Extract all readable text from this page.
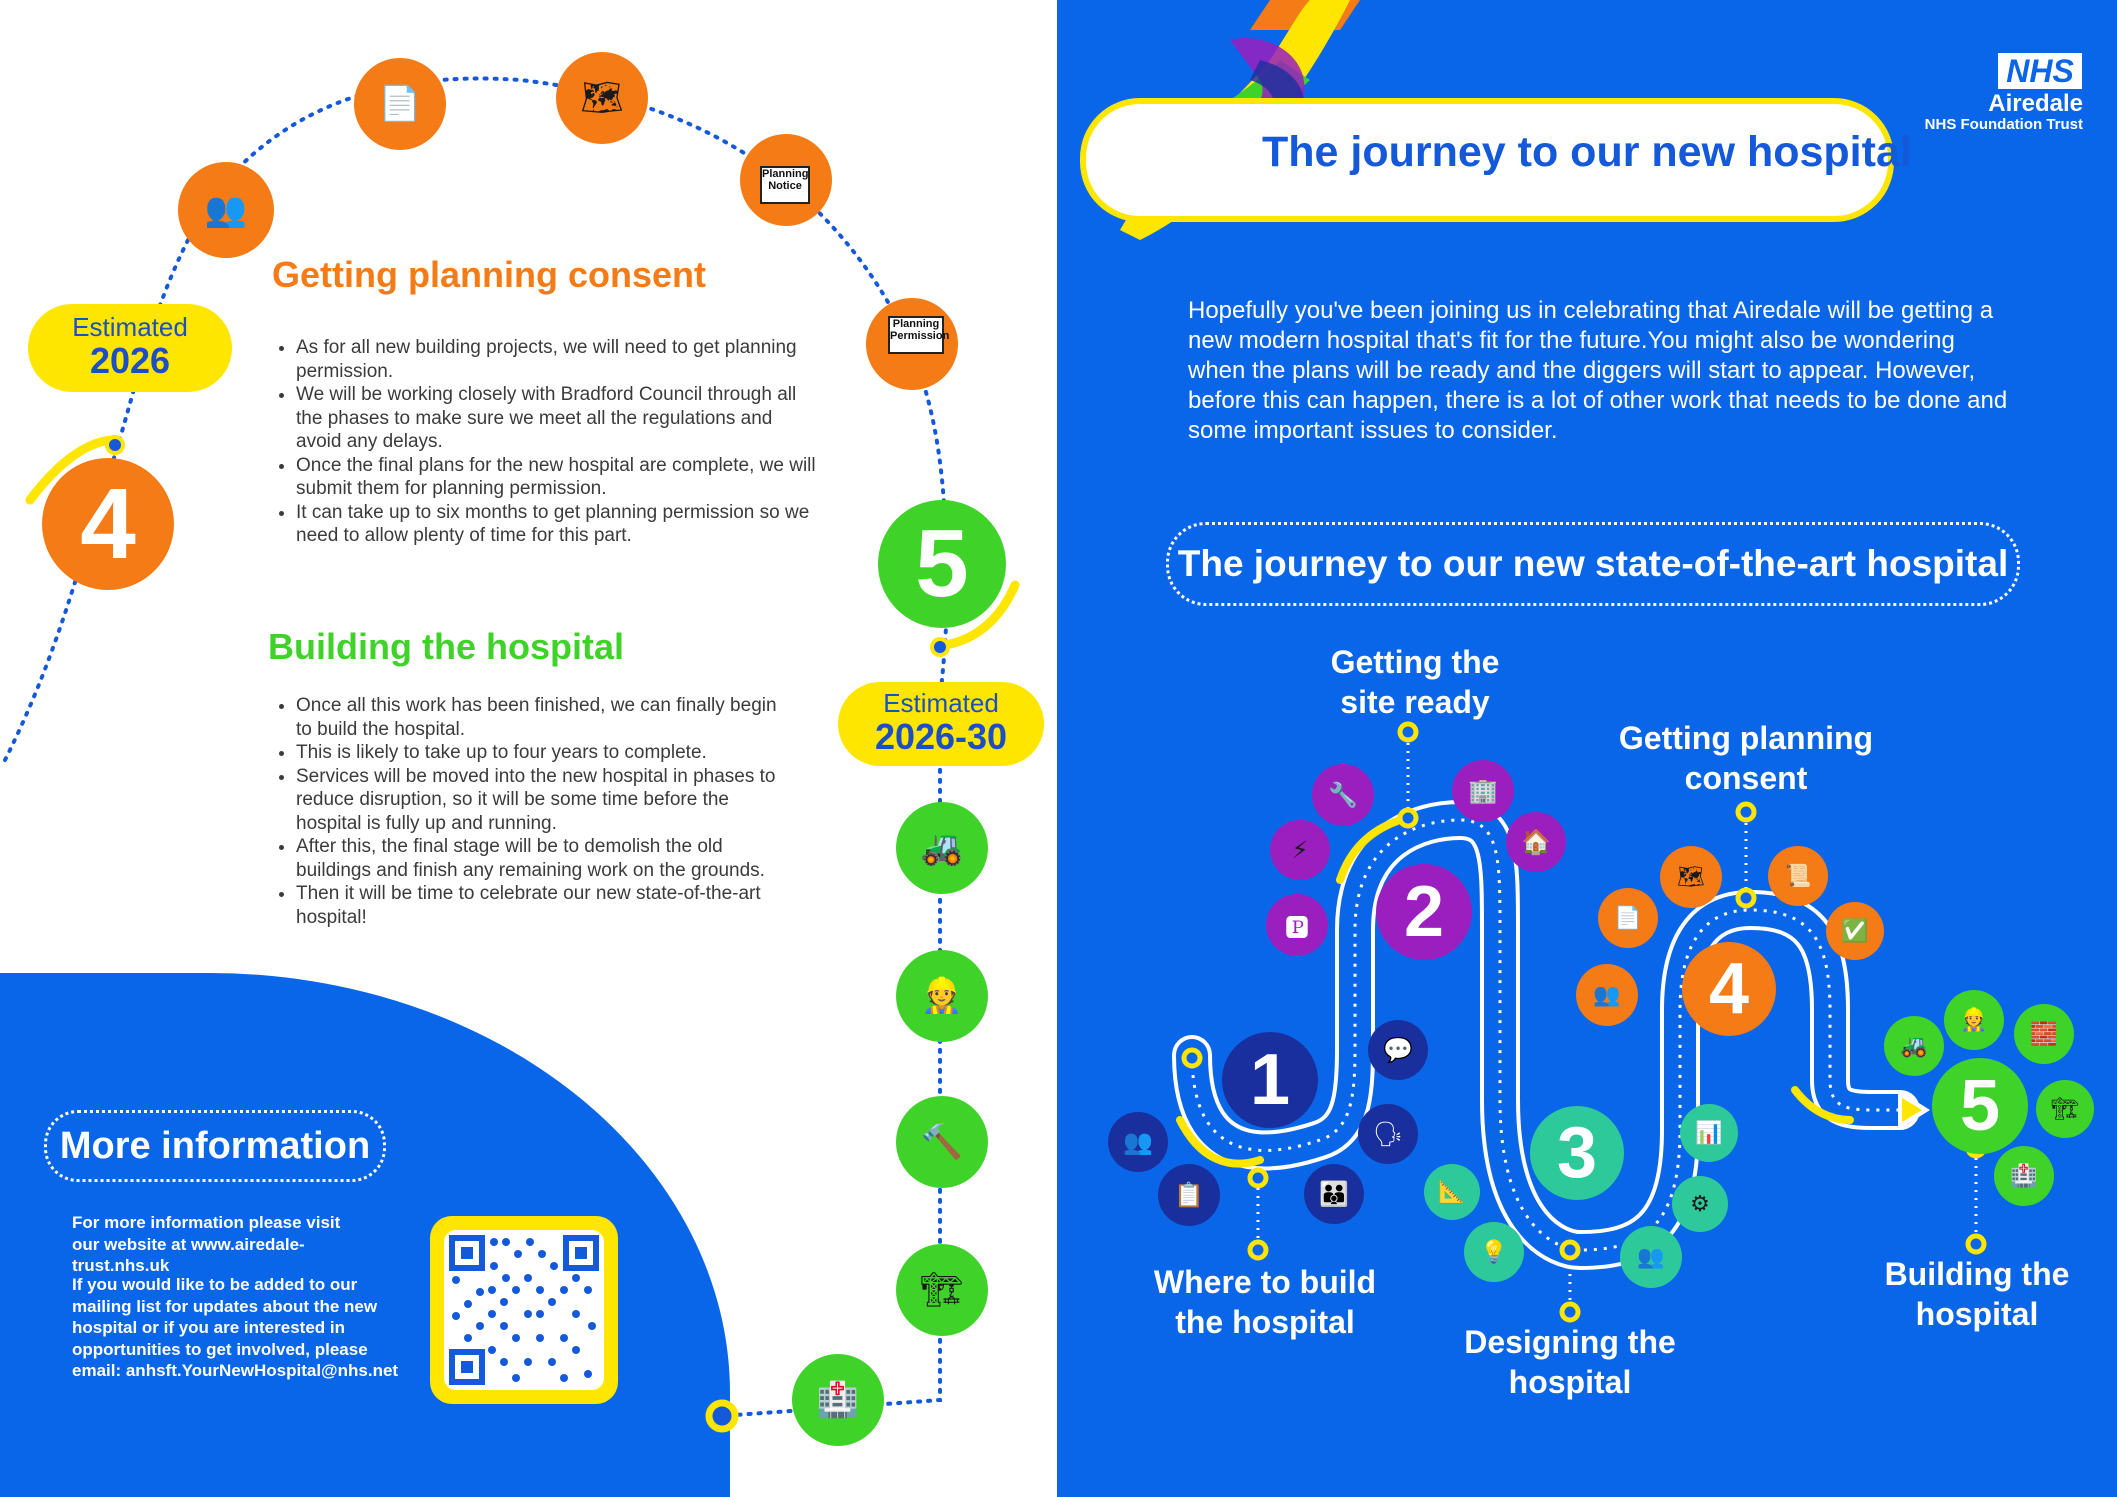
Estimated
2026
4	5
Estimated
2026-30
👥
📄	🗺
Planning Notice
Planning Permission
🚜
👷
🔨
🏗
🏥
Getting planning consent
• As for all new building projects, we will need to get planning permission.
• We will be working closely with Bradford Council through all the phases to make sure we meet all the regulations and avoid any delays.
• Once the final plans for the new hospital are complete, we will submit them for planning permission.
• It can take up to six months to get planning permission so we need to allow plenty of time for this part.
Building the hospital
• Once all this work has been finished, we can finally begin to build the hospital.
• This is likely to take up to four years to complete.
• Services will be moved into the new hospital in phases to reduce disruption, so it will be some time before the hospital is fully up and running.
• After this, the final stage will be to demolish the old buildings and finish any remaining work on the grounds.
• Then it will be time to celebrate our new state-of-the-art hospital!
More information
For more information please visit our website at www.airedale-trust.nhs.uk
If you would like to be added to our mailing list for updates about the new hospital or if you are interested in opportunities to get involved, please email: anhsft.YourNewHospital@nhs.net
The journey to our new hospital
NHS
Airedale
NHS Foundation Trust
Hopefully you've been joining us in celebrating that Airedale will be getting a new modern hospital that's fit for the future.You might also be wondering when the plans will be ready and the diggers will start to appear. However, before this can happen, there is a lot of other work that needs to be done and some important issues to consider.
The journey to our new state-of-the-art hospital
1
2
3
4
5
👥
📋
💬
🗣
👪
🔧
⚡
🅿
🏢
🏠
📐
💡
📊
⚙
👥
📄
🗺	📜
✅
👥
🚜
👷
🧱
🏗
🏥
Where to build the hospital
Getting the site ready
Designing the hospital
Getting planning consent
Building the hospital
